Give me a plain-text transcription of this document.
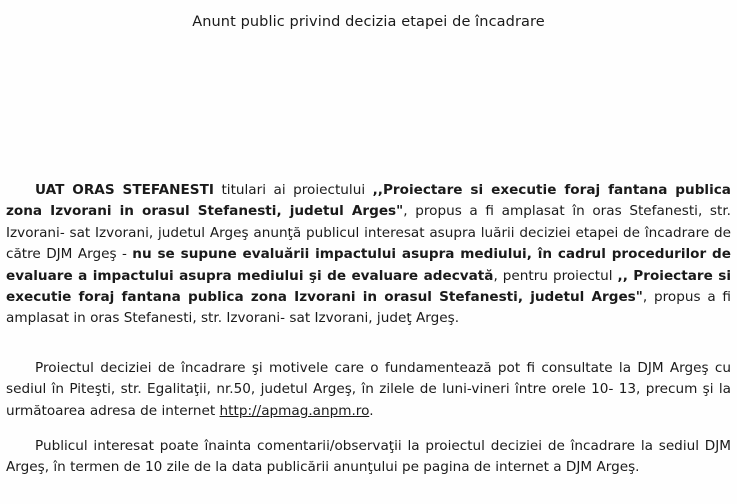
Anunt public privind decizia etapei de încadrare

UAT ORAS STEFANESTI titulari ai proiectului ,,Proiectare si executie foraj fantana publica zona Izvorani in orasul Stefanesti, judetul Arges", propus a fi amplasat în oras Stefanesti, str. Izvorani- sat Izvorani, judetul Argeş anunţă publicul interesat asupra luării deciziei etapei de încadrare de către DJM Argeş - nu se supune evaluării impactului asupra mediului, în cadrul procedurilor de evaluare a impactului asupra mediului şi de evaluare adecvată, pentru proiectul ,, Proiectare si executie foraj fantana publica zona Izvorani in orasul Stefanesti, judetul Arges", propus a fi amplasat in oras Stefanesti, str. Izvorani- sat Izvorani, judeţ Argeş.

Proiectul deciziei de încadrare şi motivele care o fundamentează pot fi consultate la DJM Argeş cu sediul în Piteşti, str. Egalitaţii, nr.50, judetul Argeş, în zilele de luni-vineri între orele 10- 13, precum şi la următoarea adresa de internet http://apmag.anpm.ro.

Publicul interesat poate înainta comentarii/observaţii la proiectul deciziei de încadrare la sediul DJM Argeş, în termen de 10 zile de la data publicării anunţului pe pagina de internet a DJM Argeş.
